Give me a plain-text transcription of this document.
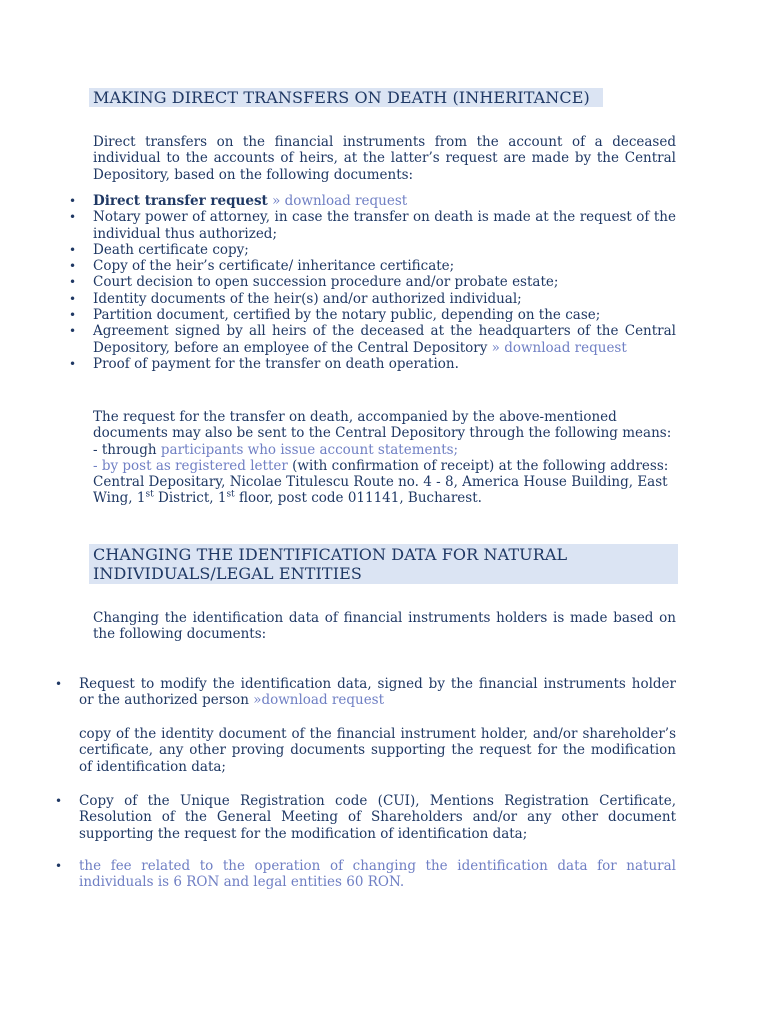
MAKING DIRECT TRANSFERS ON DEATH (INHERITANCE)
Direct transfers on the financial instruments from the account of a deceased individual to the accounts of heirs, at the latter’s request are made by the Central Depository, based on the following documents:
• Direct transfer request » download request
• Notary power of attorney, in case the transfer on death is made at the request of the individual thus authorized;
• Death certificate copy;
• Copy of the heir’s certificate/ inheritance certificate;
• Court decision to open succession procedure and/or probate estate;
• Identity documents of the heir(s) and/or authorized individual;
• Partition document, certified by the notary public, depending on the case;
• Agreement signed by all heirs of the deceased at the headquarters of the Central Depository, before an employee of the Central Depository » download request
• Proof of payment for the transfer on death operation.
The request for the transfer on death, accompanied by the above-mentioned documents may also be sent to the Central Depository through the following means:
- through participants who issue account statements;
- by post as registered letter (with confirmation of receipt) at the following address:
Central Depositary, Nicolae Titulescu Route no. 4 - 8, America House Building, East Wing, 1st District, 1st floor, post code 011141, Bucharest.
CHANGING THE IDENTIFICATION DATA FOR NATURAL
INDIVIDUALS/LEGAL ENTITIES
Changing the identification data of financial instruments holders is made based on the following documents:
• Request to modify the identification data, signed by the financial instruments holder or the authorized person »download request
copy of the identity document of the financial instrument holder, and/or shareholder’s certificate, any other proving documents supporting the request for the modification of identification data;
• Copy of the Unique Registration code (CUI), Mentions Registration Certificate, Resolution of the General Meeting of Shareholders and/or any other document supporting the request for the modification of identification data;
• the fee related to the operation of changing the identification data for natural individuals is 6 RON and legal entities 60 RON.
